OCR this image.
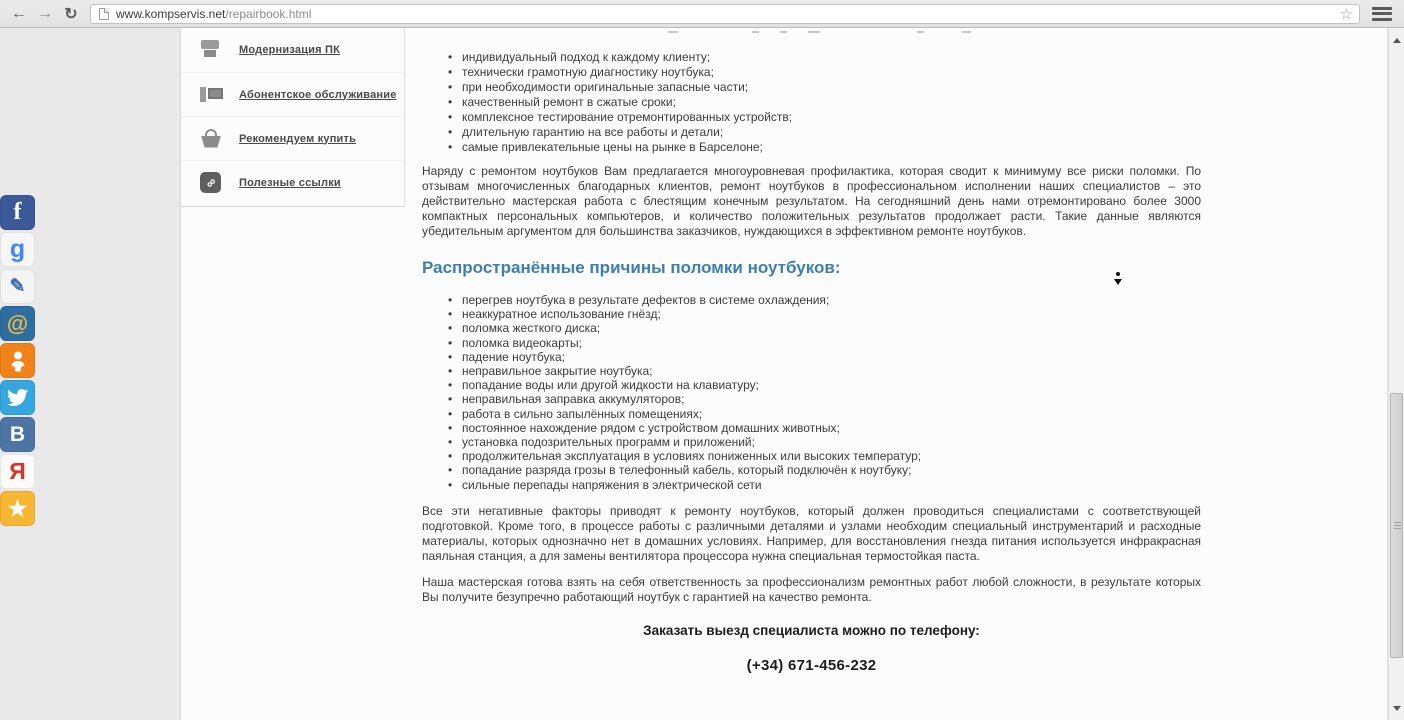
← → ↻	www.kompservis.net /repairbook.html	☆
Модернизация ПК
Абонентское обслуживание
Рекомендуем купить
∞ Полезные ссылки
• индивидуальный подход к каждому клиенту;
• технически грамотную диагностику ноутбука;
• при необходимости оригинальные запасные части;
• качественный ремонт в сжатые сроки;
• комплексное тестирование отремонтированных устройств;
• длительную гарантию на все работы и детали;
• самые привлекательные цены на рынке в Барселоне;

Наряду с ремонтом ноутбуков Вам предлагается многоуровневая профилактика, которая сводит к минимуму все риски поломки. По отзывам многочисленных благодарных клиентов, ремонт ноутбуков в профессиональном исполнении наших специалистов – это действительно мастерская работа с блестящим конечным результатом. На сегодняшний день нами отремонтировано более 3000 компактных персональных компьютеров, и количество положительных результатов продолжает расти. Такие данные являются убедительным аргументом для большинства заказчиков, нуждающихся в эффективном ремонте ноутбуков.

Распространённые причины поломки ноутбуков:
• перегрев ноутбука в результате дефектов в системе охлаждения;
• неаккуратное использование гнёзд;
• поломка жесткого диска;
• поломка видеокарты;
• падение ноутбука;
• неправильное закрытие ноутбука;
• попадание воды или другой жидкости на клавиатуру;
• неправильная заправка аккумуляторов;
• работа в сильно запылённых помещениях;
• постоянное нахождение рядом с устройством домашних животных;
• установка подозрительных программ и приложений;
• продолжительная эксплуатация в условиях пониженных или высоких температур;
• попадание разряда грозы в телефонный кабель, который подключён к ноутбуку;
• сильные перепады напряжения в электрической сети

Все эти негативные факторы приводят к ремонту ноутбуков, который должен проводиться специалистами с соответствующей подготовкой. Кроме того, в процессе работы с различными деталями и узлами необходим специальный инструментарий и расходные материалы, которых однозначно нет в домашних условиях. Например, для восстановления гнезда питания используется инфракрасная паяльная станция, а для замены вентилятора процессора нужна специальная термостойкая паста.

Наша мастерская готова взять на себя ответственность за профессионализм ремонтных работ любой сложности, в результате которых Вы получите безупречно работающий ноутбук с гарантией на качество ремонта.

Заказать выезд специалиста можно по телефону:
(+34) 671-456-232
f
g
✎
@
В
Я
★
